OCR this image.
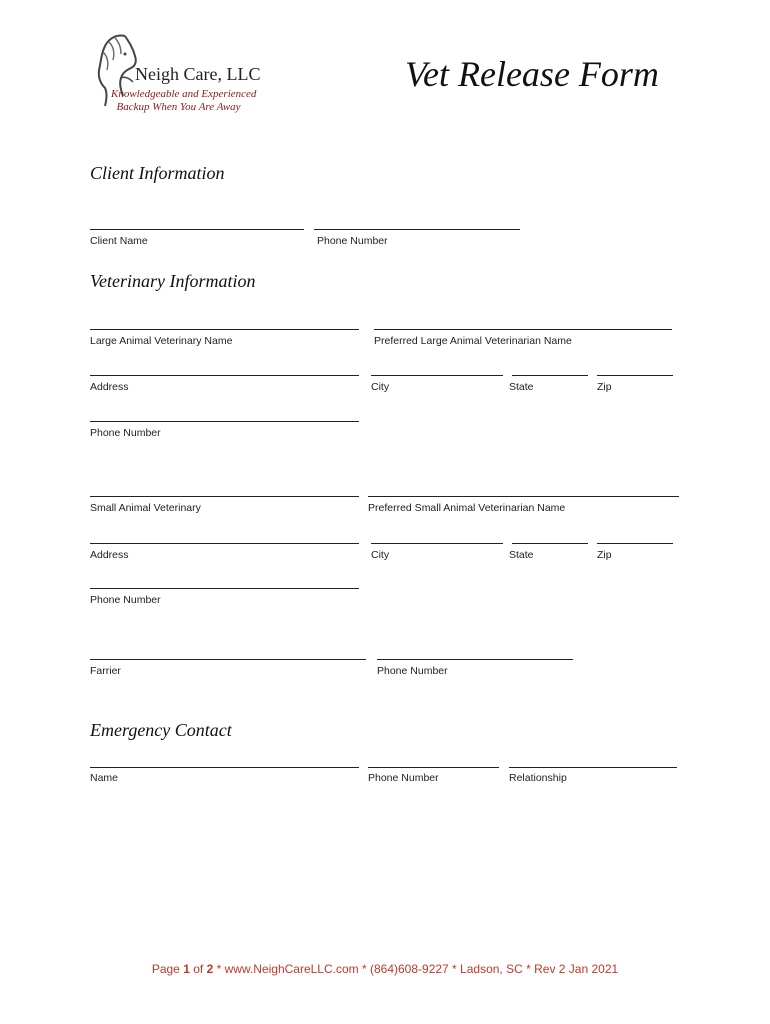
Neigh Care, LLC
Knowledgeable and Experienced
Backup When You Are Away
Vet Release Form
Client Information
Client Name	Phone Number
Veterinary Information
Large Animal Veterinary Name	Preferred Large Animal Veterinarian Name
Address	City	State	Zip
Phone Number
Small Animal Veterinary	Preferred Small Animal Veterinarian Name
Address	City	State	Zip
Phone Number
Farrier	Phone Number
Emergency Contact
Name	Phone Number	Relationship
Page 1 of 2 * www.NeighCareLLC.com * (864)608-9227 * Ladson, SC * Rev 2 Jan 2021
